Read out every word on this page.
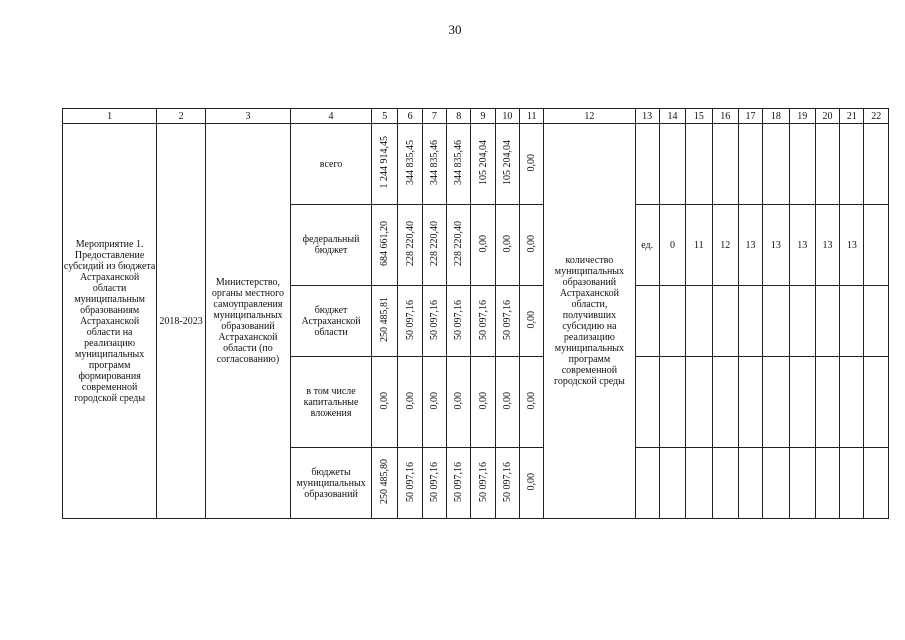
30
1	2	3	4	5	6	7	8	9	10	11	12	13	14	15	16	17	18	19	20	21	22
Мероприятие 1. Предоставление субсидий из бюджета Астраханской области муниципальным образованиям Астраханской области на реализацию муниципальных программ формирования современной городской среды	2018-2023	Министерство, органы местного самоуправления муниципальных образований Астраханской области (по согласованию)	всего	1 244 914,45	344 835,45	344 835,46	344 835,46	105 204,04	105 204,04	0,00	количество муниципальных образований Астраханской области, получивших субсидию на реализацию муниципальных программ современной городской среды										
			федеральный бюджет	684 661,20	228 220,40	228 220,40	228 220,40	0,00	0,00	0,00		ед.	0	11	12	13	13	13	13	13	
			бюджет Астраханской области	250 485,81	50 097,16	50 097,16	50 097,16	50 097,16	50 097,16	0,00											
			в том числе капитальные вложения	0,00	0,00	0,00	0,00	0,00	0,00	0,00											
			бюджеты муниципальных образований	250 485,80	50 097,16	50 097,16	50 097,16	50 097,16	50 097,16	0,00											
